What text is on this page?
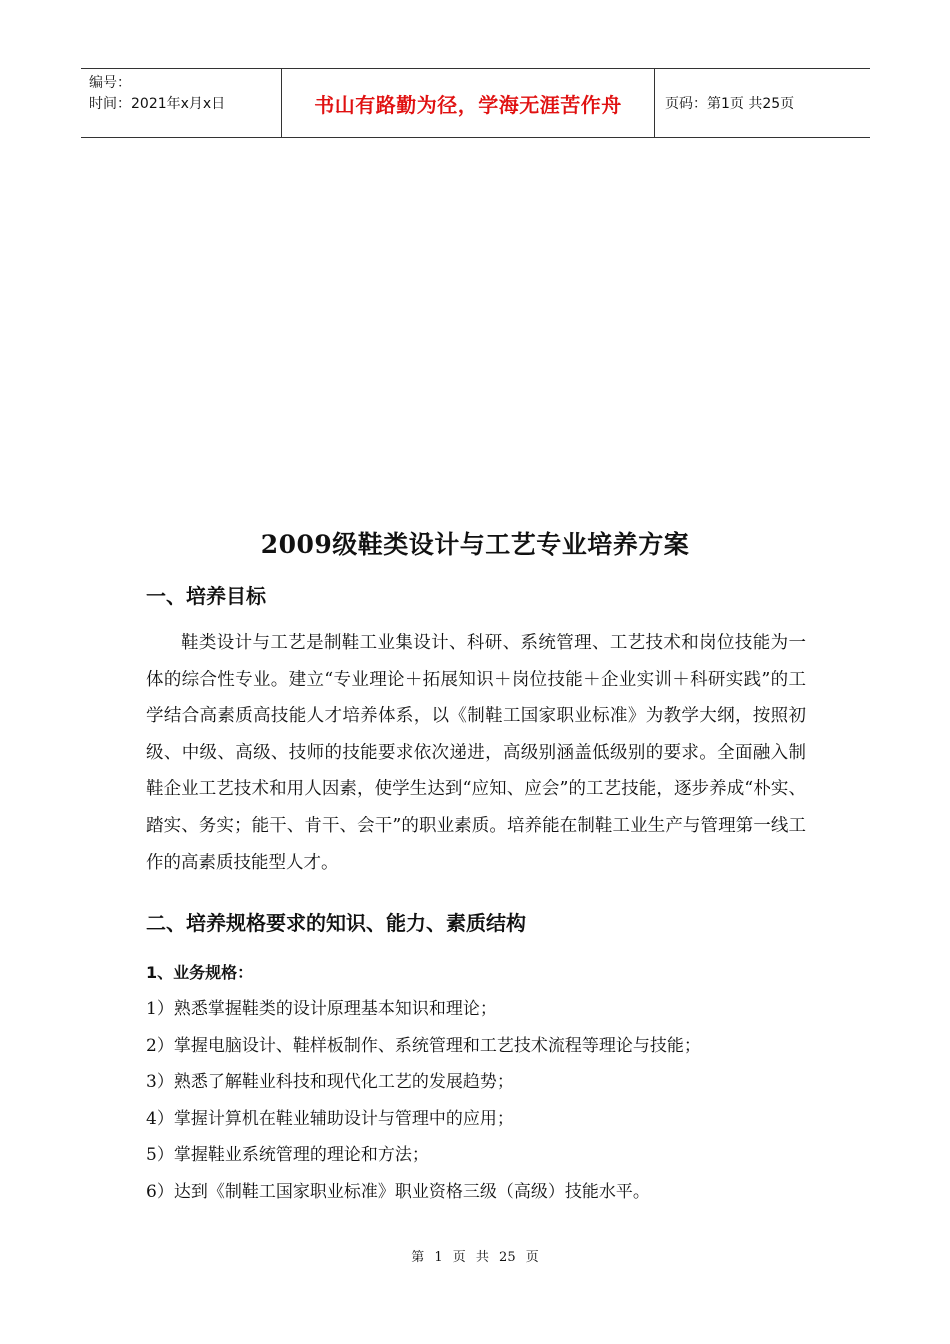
编号：
时间：2021年x月x日	书山有路勤为径，学海无涯苦作舟	页码：第1页 共25页
2009级鞋类设计与工艺专业培养方案
一、培养目标
鞋类设计与工艺是制鞋工业集设计、科研、系统管理、工艺技术和岗位技能为一体的综合性专业。建立“专业理论＋拓展知识＋岗位技能＋企业实训＋科研实践”的工学结合高素质高技能人才培养体系，以《制鞋工国家职业标准》为教学大纲，按照初级、中级、高级、技师的技能要求依次递进，高级别涵盖低级别的要求。全面融入制鞋企业工艺技术和用人因素，使学生达到“应知、应会”的工艺技能，逐步养成“朴实、踏实、务实；能干、肯干、会干”的职业素质。培养能在制鞋工业生产与管理第一线工作的高素质技能型人才。
二、培养规格要求的知识、能力、素质结构
1、业务规格：
1）熟悉掌握鞋类的设计原理基本知识和理论；
2）掌握电脑设计、鞋样板制作、系统管理和工艺技术流程等理论与技能；
3）熟悉了解鞋业科技和现代化工艺的发展趋势；
4）掌握计算机在鞋业辅助设计与管理中的应用；
5）掌握鞋业系统管理的理论和方法；
6）达到《制鞋工国家职业标准》职业资格三级（高级）技能水平。
第 1 页 共 25 页
